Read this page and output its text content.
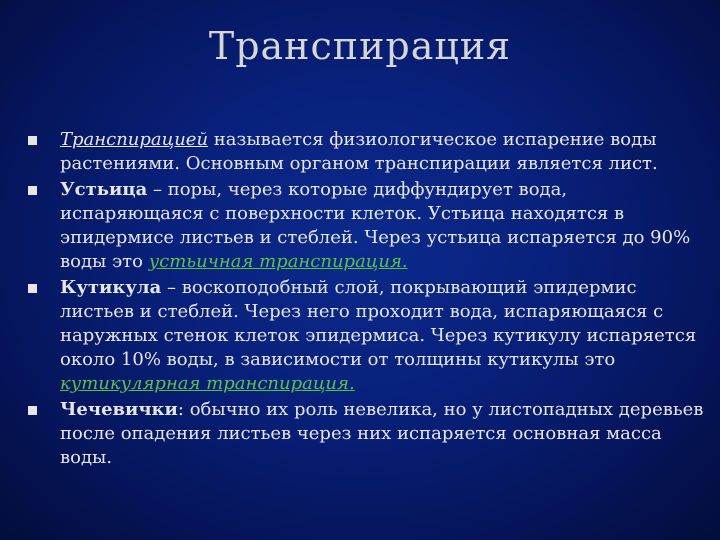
Транспирация
Транспирацией называется физиологическое испарение воды растениями. Основным органом транспирации является лист.
Устьица – поры, через которые диффундирует вода, испаряющаяся с поверхности клеток. Устьица находятся в эпидермисе листьев и стеблей. Через устьица испаряется до 90% воды это устьичная транспирация.
Кутикула – воскоподобный слой, покрывающий эпидермис листьев и стеблей. Через него проходит вода, испаряющаяся с наружных стенок клеток эпидермиса. Через кутикулу испаряется около 10% воды, в зависимости от толщины кутикулы это кутикулярная транспирация.
Чечевички: обычно их роль невелика, но у листопадных деревьев после опадения листьев через них испаряется основная масса воды.
